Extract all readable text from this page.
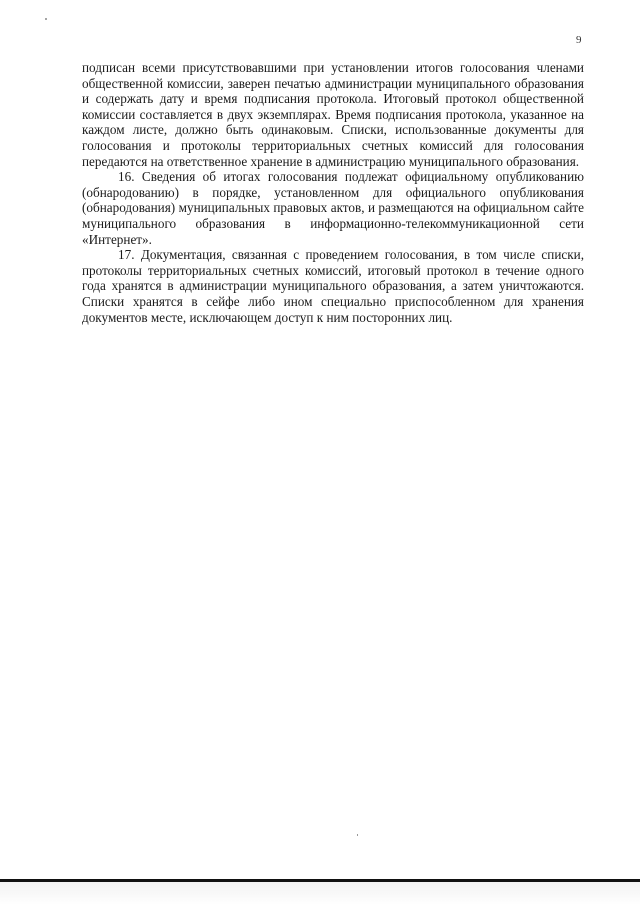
9

подписан всеми присутствовавшими при установлении итогов голосования членами общественной комиссии, заверен печатью администрации муниципального образования и содержать дату и время подписания протокола. Итоговый протокол общественной комиссии составляется в двух экземплярах. Время подписания протокола, указанное на каждом листе, должно быть одинаковым. Списки, использованные документы для голосования и протоколы территориальных счетных комиссий для голосования передаются на ответственное хранение в администрацию муниципального образования.

16. Сведения об итогах голосования подлежат официальному опубликованию (обнародованию) в порядке, установленном для официального опубликования (обнародования) муниципальных правовых актов, и размещаются на официальном сайте муниципального образования в информационно-телекоммуникационной сети «Интернет».

17. Документация, связанная с проведением голосования, в том числе списки, протоколы территориальных счетных комиссий, итоговый протокол в течение одного года хранятся в администрации муниципального образования, а затем уничтожаются. Списки хранятся в сейфе либо ином специально приспособленном для хранения документов месте, исключающем доступ к ним посторонних лиц.
